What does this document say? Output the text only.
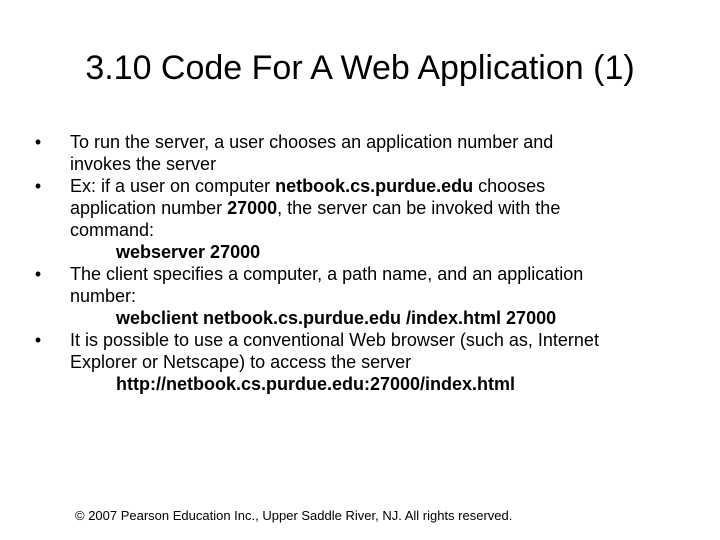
3.10 Code For A Web Application (1)
•	To run the server, a user chooses an application number and
invokes the server
•	Ex: if a user on computer netbook.cs.purdue.edu chooses
application number 27000, the server can be invoked with the
command:
webserver 27000
•	The client specifies a computer, a path name, and an application
number:
webclient netbook.cs.purdue.edu /index.html 27000
•	It is possible to use a conventional Web browser (such as, Internet
Explorer or Netscape) to access the server
http://netbook.cs.purdue.edu:27000/index.html
© 2007 Pearson Education Inc., Upper Saddle River, NJ. All rights reserved.
